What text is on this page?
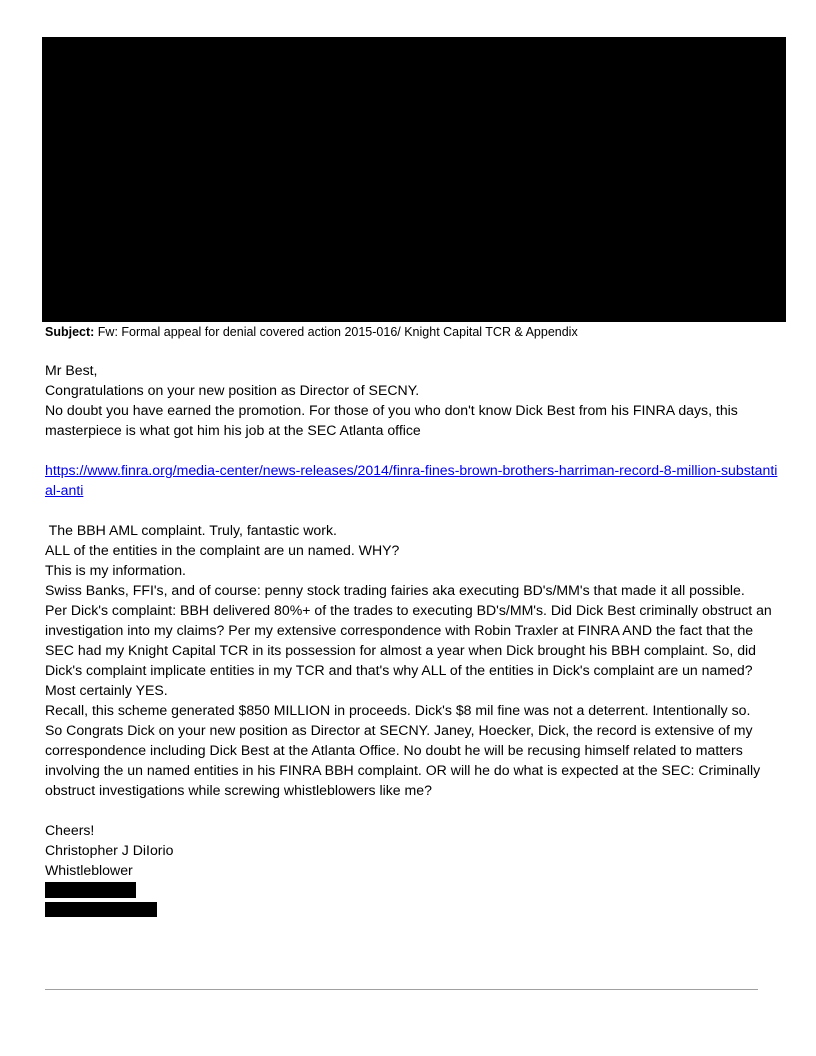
Subject: Fw: Formal appeal for denial covered action 2015-016/ Knight Capital TCR & Appendix

Mr Best,

Congratulations on your new position as Director of SECNY.

No doubt you have earned the promotion. For those of you who don't know Dick Best from his FINRA days, this masterpiece is what got him his job at the SEC Atlanta office

https://www.finra.org/media-center/news-releases/2014/finra-fines-brown-brothers-harriman-record-8-million-substantial-anti

The BBH AML complaint. Truly, fantastic work.

ALL of the entities in the complaint are un named. WHY?

This is my information.

Swiss Banks, FFI's, and of course: penny stock trading fairies aka executing BD's/MM's that made it all possible.

Per Dick's complaint: BBH delivered 80%+ of the trades to executing BD's/MM's. Did Dick Best criminally obstruct an investigation into my claims? Per my extensive correspondence with Robin Traxler at FINRA AND the fact that the SEC had my Knight Capital TCR in its possession for almost a year when Dick brought his BBH complaint. So, did Dick's complaint implicate entities in my TCR and that's why ALL of the entities in Dick's complaint are un named? Most certainly YES.

Recall, this scheme generated $850 MILLION in proceeds. Dick's $8 mil fine was not a deterrent. Intentionally so.

So Congrats Dick on your new position as Director at SECNY. Janey, Hoecker, Dick, the record is extensive of my correspondence including Dick Best at the Atlanta Office. No doubt he will be recusing himself related to matters involving the un named entities in his FINRA BBH complaint. OR will he do what is expected at the SEC: Criminally obstruct investigations while screwing whistleblowers like me?

Cheers!

Christopher J DiIorio

Whistleblower
